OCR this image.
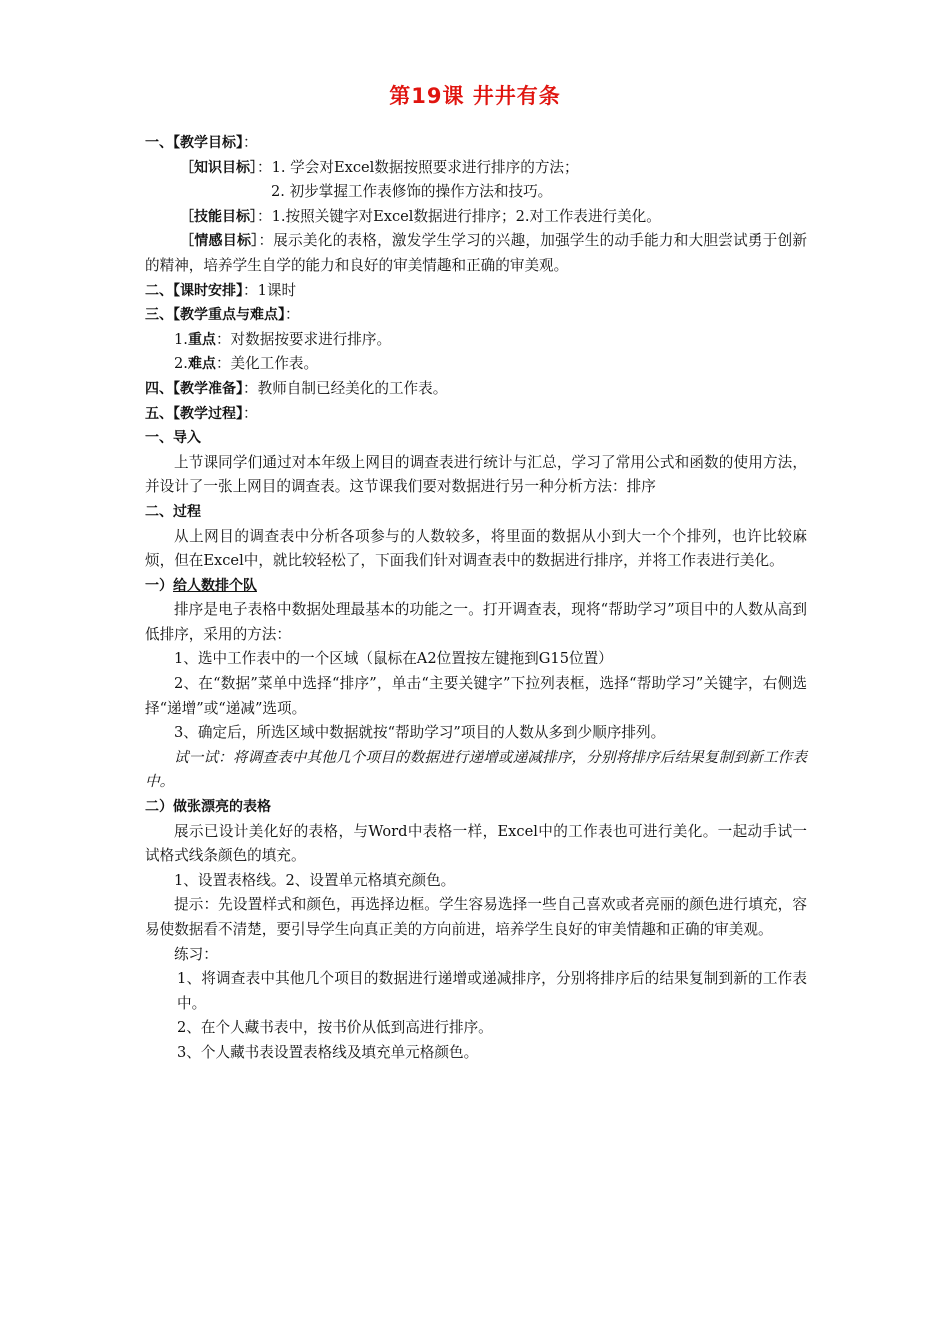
第19课 井井有条
一、【教学目标】：
［知识目标］：1. 学会对Excel数据按照要求进行排序的方法；
2. 初步掌握工作表修饰的操作方法和技巧。
［技能目标］：1.按照关键字对Excel数据进行排序；2.对工作表进行美化。
［情感目标］：展示美化的表格，激发学生学习的兴趣，加强学生的动手能力和大胆尝试勇于创新的精神，培养学生自学的能力和良好的审美情趣和正确的审美观。
二、【课时安排】：1课时
三、【教学重点与难点】：
1.重点：对数据按要求进行排序。
2.难点：美化工作表。
四、【教学准备】：教师自制已经美化的工作表。
五、【教学过程】：
一、导入
上节课同学们通过对本年级上网目的调查表进行统计与汇总，学习了常用公式和函数的使用方法，并设计了一张上网目的调查表。这节课我们要对数据进行另一种分析方法：排序
二、过程
从上网目的调查表中分析各项参与的人数较多，将里面的数据从小到大一个个排列，也许比较麻烦，但在Excel中，就比较轻松了，下面我们针对调查表中的数据进行排序，并将工作表进行美化。
一）给人数排个队
排序是电子表格中数据处理最基本的功能之一。打开调查表，现将“帮助学习”项目中的人数从高到低排序，采用的方法：
1、选中工作表中的一个区域（鼠标在A2位置按左键拖到G15位置）
2、在“数据”菜单中选择“排序”，单击“主要关键字”下拉列表框，选择“帮助学习”关键字，右侧选择“递增”或“递减”选项。
3、确定后，所选区域中数据就按“帮助学习”项目的人数从多到少顺序排列。
试一试：将调查表中其他几个项目的数据进行递增或递减排序，分别将排序后结果复制到新工作表中。
二）做张漂亮的表格
展示已设计美化好的表格，与Word中表格一样，Excel中的工作表也可进行美化。一起动手试一试格式线条颜色的填充。
1、设置表格线。2、设置单元格填充颜色。
提示：先设置样式和颜色，再选择边框。学生容易选择一些自己喜欢或者亮丽的颜色进行填充，容易使数据看不清楚，要引导学生向真正美的方向前进，培养学生良好的审美情趣和正确的审美观。
练习：
1、将调查表中其他几个项目的数据进行递增或递减排序，分别将排序后的结果复制到新的工作表中。
2、在个人藏书表中，按书价从低到高进行排序。
3、个人藏书表设置表格线及填充单元格颜色。
